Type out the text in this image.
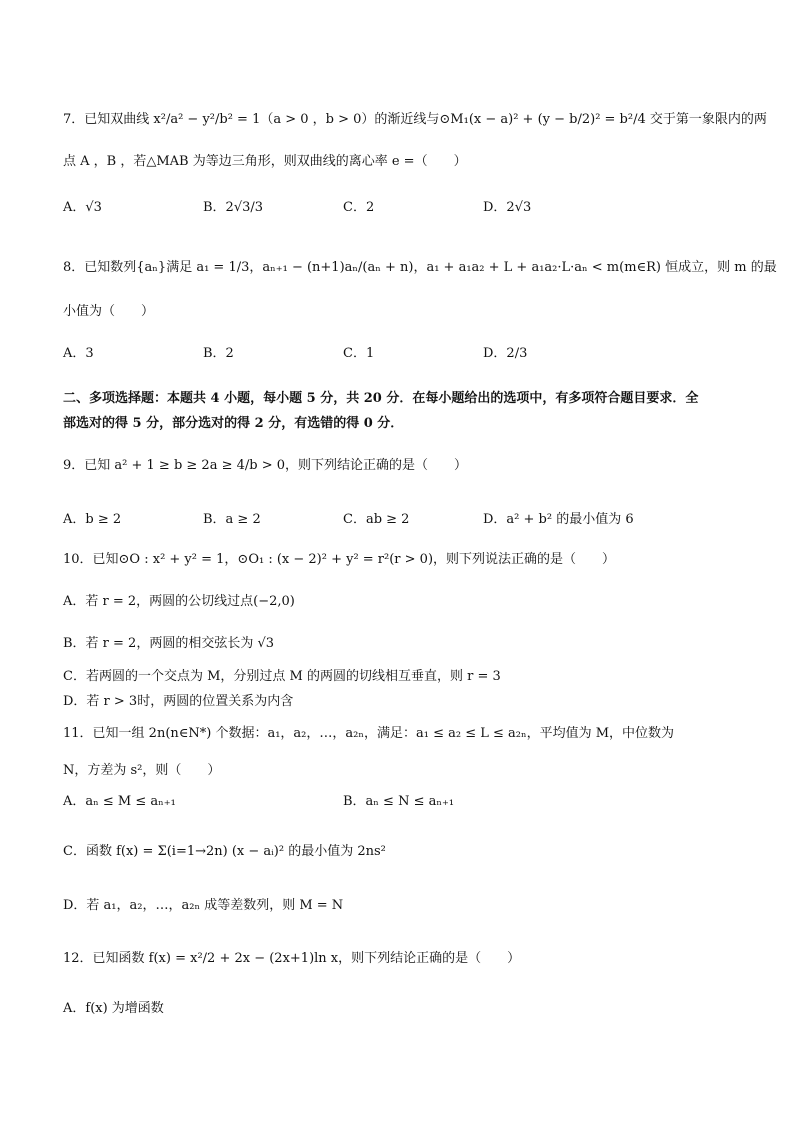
7．已知双曲线 x²/a² − y²/b² = 1（a > 0 ，b > 0）的渐近线与⊙M₁(x − a)² + (y − b/2)² = b²/4 交于第一象限内的两
点 A ，B ，若△MAB 为等边三角形，则双曲线的离心率 e =（　　）
A．√3	B．2√3/3	C．2	D．2√3
8．已知数列{aₙ}满足 a₁ = 1/3，aₙ₊₁ − (n+1)aₙ/(aₙ + n)，a₁ + a₁a₂ + L + a₁a₂·L·aₙ < m(m∈R) 恒成立，则 m 的最
小值为（　　）
A．3	B．2	C．1	D．2/3
二、多项选择题：本题共 4 小题，每小题 5 分，共 20 分．在每小题给出的选项中，有多项符合题目要求．全
部选对的得 5 分，部分选对的得 2 分，有选错的得 0 分．
9．已知 a² + 1 ≥ b ≥ 2a ≥ 4/b > 0，则下列结论正确的是（　　）
A．b ≥ 2	B．a ≥ 2	C．ab ≥ 2	D．a² + b² 的最小值为 6
10．已知⊙O : x² + y² = 1，⊙O₁ : (x − 2)² + y² = r²(r > 0)，则下列说法正确的是（　　）
A．若 r = 2，两圆的公切线过点(−2,0)
B．若 r = 2，两圆的相交弦长为 √3
C．若两圆的一个交点为 M，分别过点 M 的两圆的切线相互垂直，则 r = 3
D．若 r > 3时，两圆的位置关系为内含
11．已知一组 2n(n∈N*) 个数据：a₁，a₂，…，a₂ₙ，满足：a₁ ≤ a₂ ≤ L ≤ a₂ₙ，平均值为 M，中位数为
N，方差为 s²，则（　　）
A．aₙ ≤ M ≤ aₙ₊₁	B．aₙ ≤ N ≤ aₙ₊₁
C．函数 f(x) = Σ(i=1→2n) (x − aᵢ)² 的最小值为 2ns²
D．若 a₁，a₂，…，a₂ₙ 成等差数列，则 M = N
12．已知函数 f(x) = x²/2 + 2x − (2x+1)ln x，则下列结论正确的是（　　）
A．f(x) 为增函数
